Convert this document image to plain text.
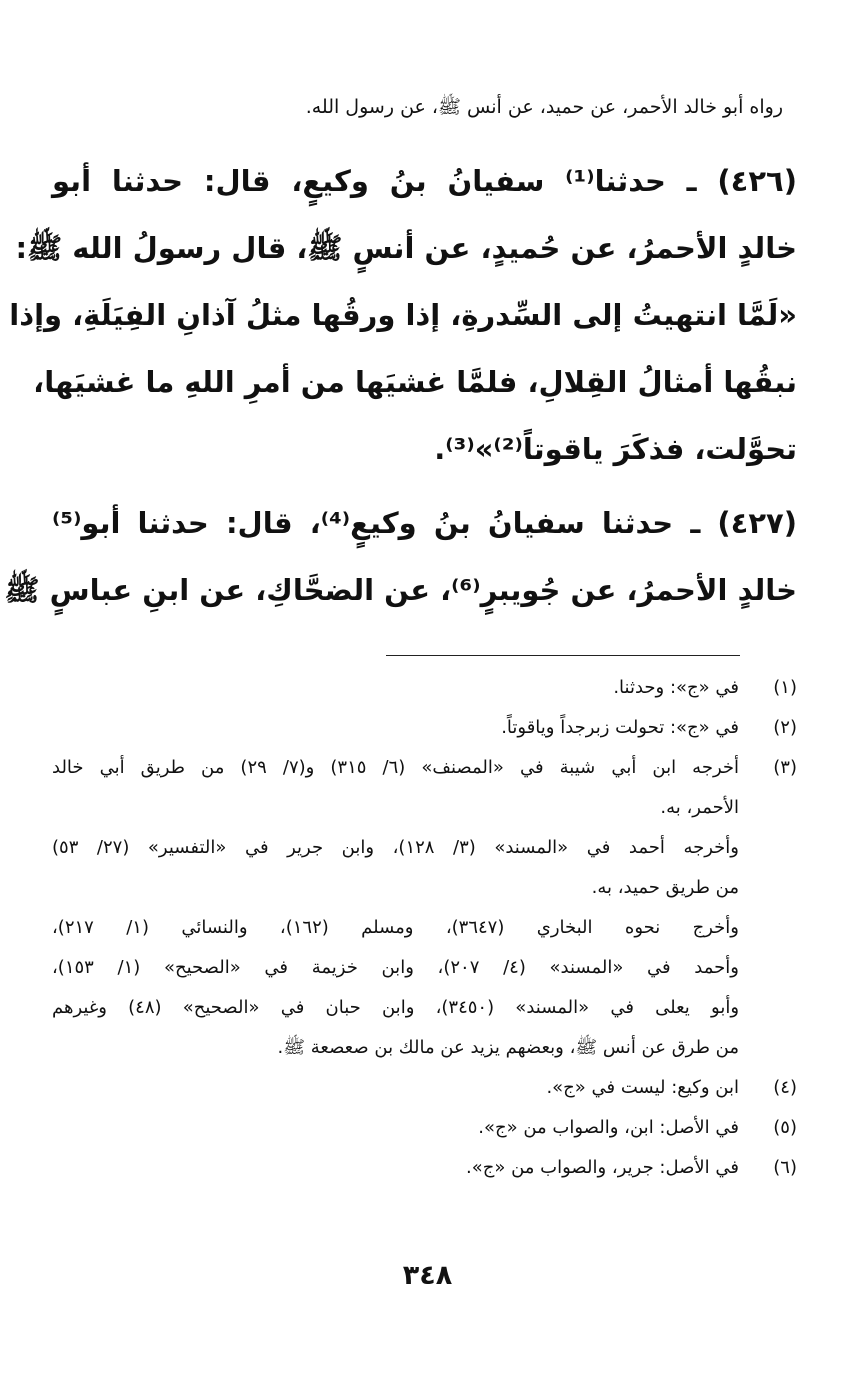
رواه أبو خالد الأحمر، عن حميد، عن أنس ﷺ، عن رسول الله.
(٤٢٦) ـ حدثنا⁽¹⁾ سفيانُ بنُ وكيعٍ، قال: حدثنا أبو
خالدٍ الأحمرُ، عن حُميدٍ، عن أنسٍ ﷺ، قال رسولُ الله ﷺ:
«لَمَّا انتهيتُ إلى السِّدرةِ، إذا ورقُها مثلُ آذانِ الفِيَلَةِ، وإذا
نبقُها أمثالُ القِلالِ، فلمَّا غشيَها من أمرِ اللهِ ما غشيَها،
تحوَّلت، فذكَرَ ياقوتاً⁽²⁾»⁽³⁾.
(٤٢٧) ـ حدثنا سفيانُ بنُ وكيعٍ⁽⁴⁾، قال: حدثنا أبو⁽⁵⁾
خالدٍ الأحمرُ، عن جُويبرٍ⁽⁶⁾، عن الضحَّاكِ، عن ابنِ عباسٍ ﷺ
(١)
في «ج»: وحدثنا.
(٢)
في «ج»: تحولت زبرجداً وياقوتاً.
(٣)
أخرجه ابن أبي شيبة في «المصنف» (٦/ ٣١٥) و(٧/ ٢٩) من طريق أبي خالد
الأحمر، به.
وأخرجه أحمد في «المسند» (٣/ ١٢٨)، وابن جرير في «التفسير» (٢٧/ ٥٣)
من طريق حميد، به.
وأخرج نحوه البخاري (٣٦٤٧)، ومسلم (١٦٢)، والنسائي (١/ ٢١٧)،
وأحمد في «المسند» (٤/ ٢٠٧)، وابن خزيمة في «الصحيح» (١/ ١٥٣)،
وأبو يعلى في «المسند» (٣٤٥٠)، وابن حبان في «الصحيح» (٤٨) وغيرهم
من طرق عن أنس ﷺ، وبعضهم يزيد عن مالك بن صعصعة ﷺ.
(٤)
ابن وكيع: ليست في «ج».
(٥)
في الأصل: ابن، والصواب من «ج».
(٦)
في الأصل: جرير، والصواب من «ج».
٣٤٨
